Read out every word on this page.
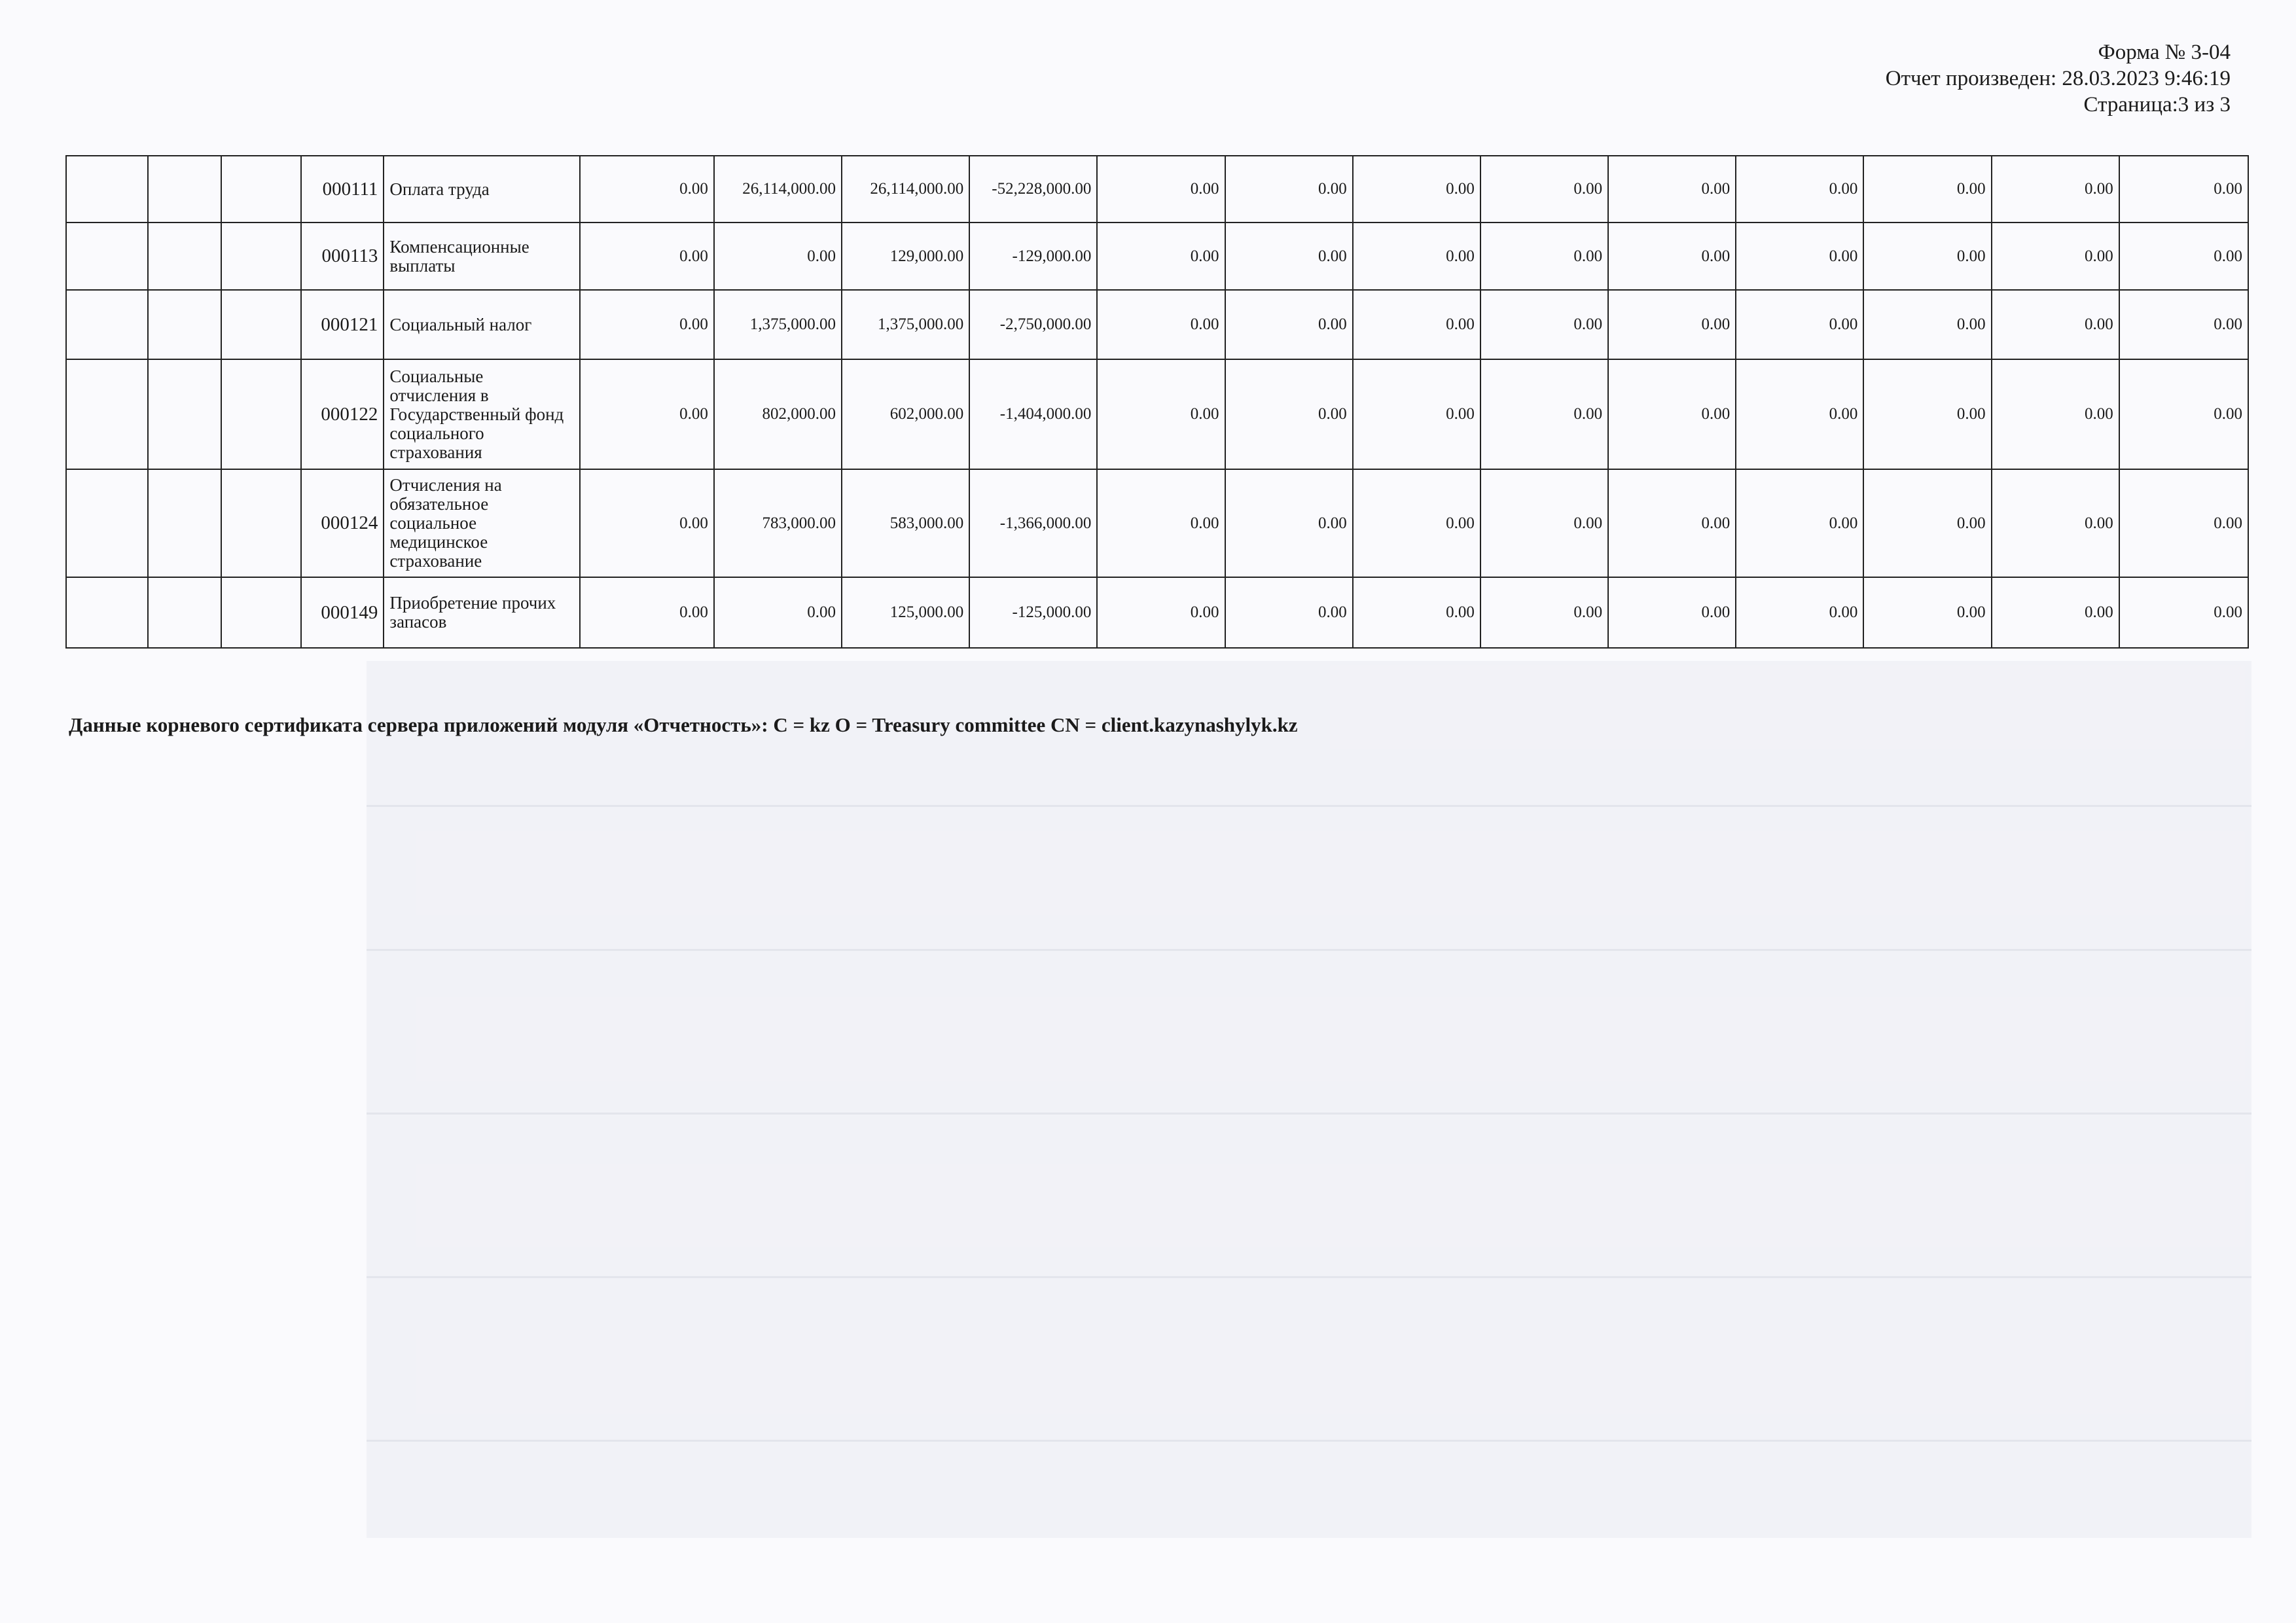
Форма № 3-04
Отчет произведен: 28.03.2023 9:46:19
Страница:3 из 3
			000111	Оплата труда	0.00	26,114,000.00	26,114,000.00	-52,228,000.00	0.00	0.00	0.00	0.00	0.00	0.00	0.00	0.00	0.00
			000113	Компенсационные выплаты	0.00	0.00	129,000.00	-129,000.00	0.00	0.00	0.00	0.00	0.00	0.00	0.00	0.00	0.00
			000121	Социальный налог	0.00	1,375,000.00	1,375,000.00	-2,750,000.00	0.00	0.00	0.00	0.00	0.00	0.00	0.00	0.00	0.00
			000122	Социальные отчисления в Государственный фонд социального страхования	0.00	802,000.00	602,000.00	-1,404,000.00	0.00	0.00	0.00	0.00	0.00	0.00	0.00	0.00	0.00
			000124	Отчисления на обязательное социальное медицинское страхование	0.00	783,000.00	583,000.00	-1,366,000.00	0.00	0.00	0.00	0.00	0.00	0.00	0.00	0.00	0.00
			000149	Приобретение прочих запасов	0.00	0.00	125,000.00	-125,000.00	0.00	0.00	0.00	0.00	0.00	0.00	0.00	0.00	0.00
Данные корневого сертификата сервера приложений модуля «Отчетность»: C = kz O = Treasury committee CN = client.kazynashylyk.kz
